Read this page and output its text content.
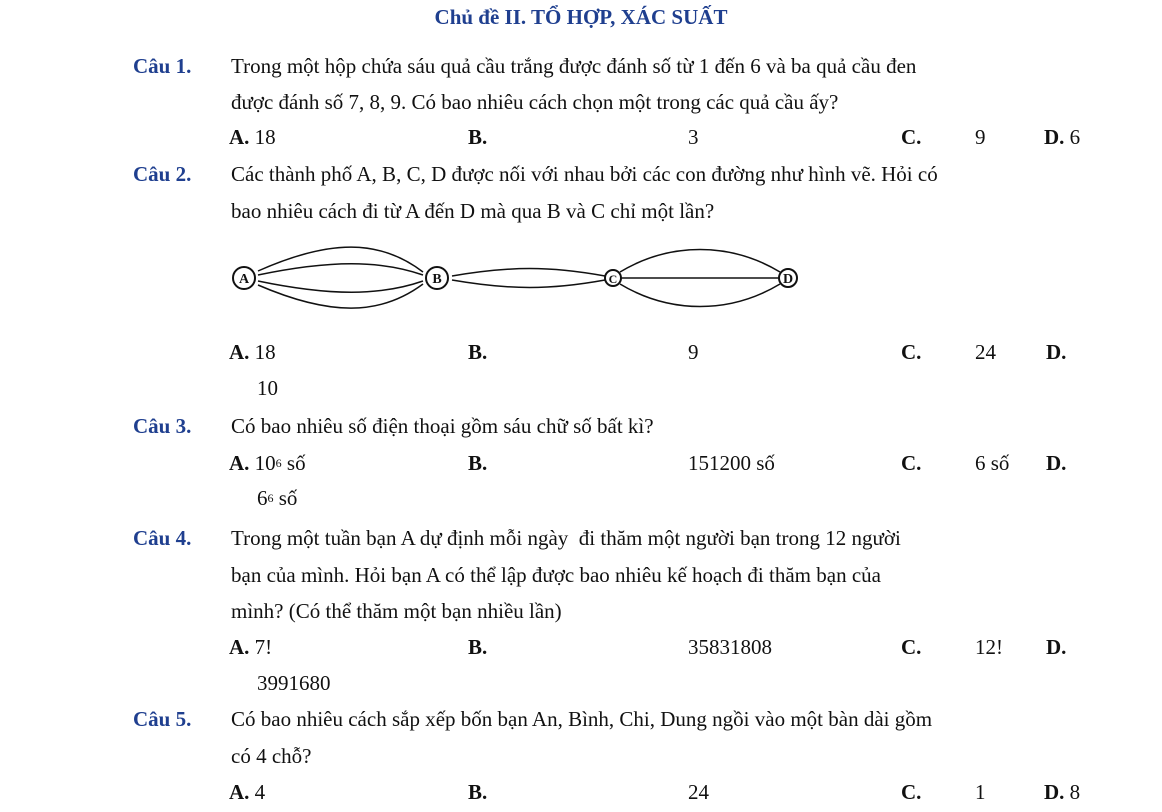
Chủ đề II. TỔ HỢP, XÁC SUẤT
Câu 1. Trong một hộp chứa sáu quả cầu trắng được đánh số từ 1 đến 6 và ba quả cầu đen
được đánh số 7, 8, 9. Có bao nhiêu cách chọn một trong các quả cầu ấy?
A. 18	B.	3	C.	9	D. 6
Câu 2. Các thành phố A, B, C, D được nối với nhau bởi các con đường như hình vẽ. Hỏi có
bao nhiêu cách đi từ A đến D mà qua B và C chỉ một lần?
A	B	C	D
A. 18	B.	9	C.	24 D.
10
Câu 3. Có bao nhiêu số điện thoại gồm sáu chữ số bất kì?
A. $10^6$ số	B.	151200 số	C.	6 số D.
$6^6$ số
Câu 4. Trong một tuần bạn A dự định mỗi ngày  đi thăm một người bạn trong 12 người
bạn của mình. Hỏi bạn A có thể lập được bao nhiêu kế hoạch đi thăm bạn của
mình? (Có thể thăm một bạn nhiều lần)
A. 7!	B.	35831808	C.	12! D.
3991680
Câu 5. Có bao nhiêu cách sắp xếp bốn bạn An, Bình, Chi, Dung ngồi vào một bàn dài gồm
có 4 chỗ?
A. 4	B.	24	C.	1	D. 8
